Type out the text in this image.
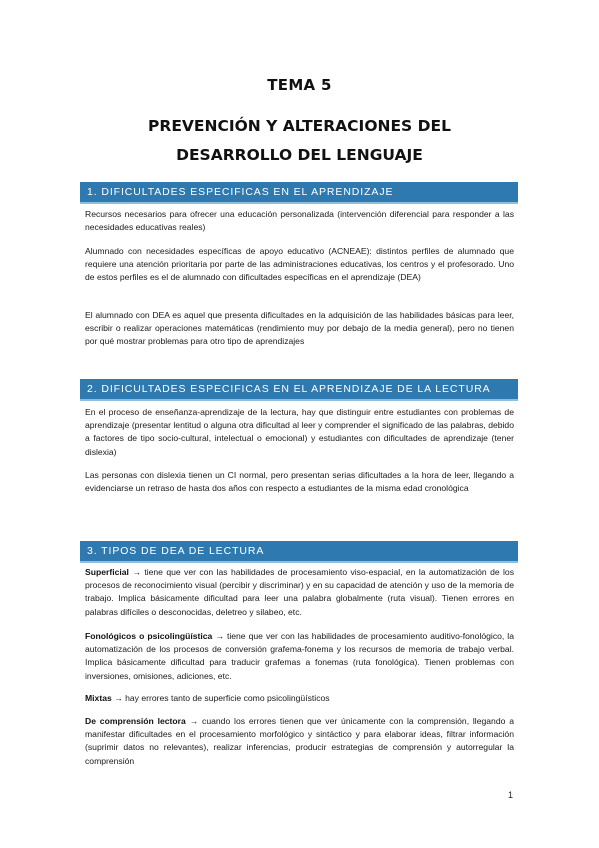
TEMA 5
PREVENCIÓN Y ALTERACIONES DEL
DESARROLLO DEL LENGUAJE
1. DIFICULTADES ESPECIFICAS EN EL APRENDIZAJE
Recursos necesarios para ofrecer una educación personalizada (intervención diferencial para responder a las necesidades educativas reales)
Alumnado con necesidades específicas de apoyo educativo (ACNEAE): distintos perfiles de alumnado que requiere una atención prioritaria por parte de las administraciones educativas, los centros y el profesorado. Uno de estos perfiles es el de alumnado con dificultades específicas en el aprendizaje (DEA)
El alumnado con DEA es aquel que presenta dificultades en la adquisición de las habilidades básicas para leer, escribir o realizar operaciones matemáticas (rendimiento muy por debajo de la media general), pero no tienen por qué mostrar problemas para otro tipo de aprendizajes
2. DIFICULTADES ESPECIFICAS EN EL APRENDIZAJE DE LA LECTURA
En el proceso de enseñanza-aprendizaje de la lectura, hay que distinguir entre estudiantes con problemas de aprendizaje (presentar lentitud o alguna otra dificultad al leer y comprender el significado de las palabras, debido a factores de tipo socio-cultural, intelectual o emocional) y estudiantes con dificultades de aprendizaje (tener dislexia)
Las personas con dislexia tienen un CI normal, pero presentan serias dificultades a la hora de leer, llegando a evidenciarse un retraso de hasta dos años con respecto a estudiantes de la misma edad cronológica
3. TIPOS DE DEA DE LECTURA
Superficial → tiene que ver con las habilidades de procesamiento viso-espacial, en la automatización de los procesos de reconocimiento visual (percibir y discriminar) y en su capacidad de atención y uso de la memoria de trabajo. Implica básicamente dificultad para leer una palabra globalmente (ruta visual). Tienen errores en palabras difíciles o desconocidas, deletreo y silabeo, etc.
Fonológicos o psicolingüística → tiene que ver con las habilidades de procesamiento auditivo-fonológico, la automatización de los procesos de conversión grafema-fonema y los recursos de memoria de trabajo verbal. Implica básicamente dificultad para traducir grafemas a fonemas (ruta fonológica). Tienen problemas con inversiones, omisiones, adiciones, etc.
Mixtas → hay errores tanto de superficie como psicolingüísticos
De comprensión lectora → cuando los errores tienen que ver únicamente con la comprensión, llegando a manifestar dificultades en el procesamiento morfológico y sintáctico y para elaborar ideas, filtrar información (suprimir datos no relevantes), realizar inferencias, producir estrategias de comprensión y autorregular la comprensión
1
